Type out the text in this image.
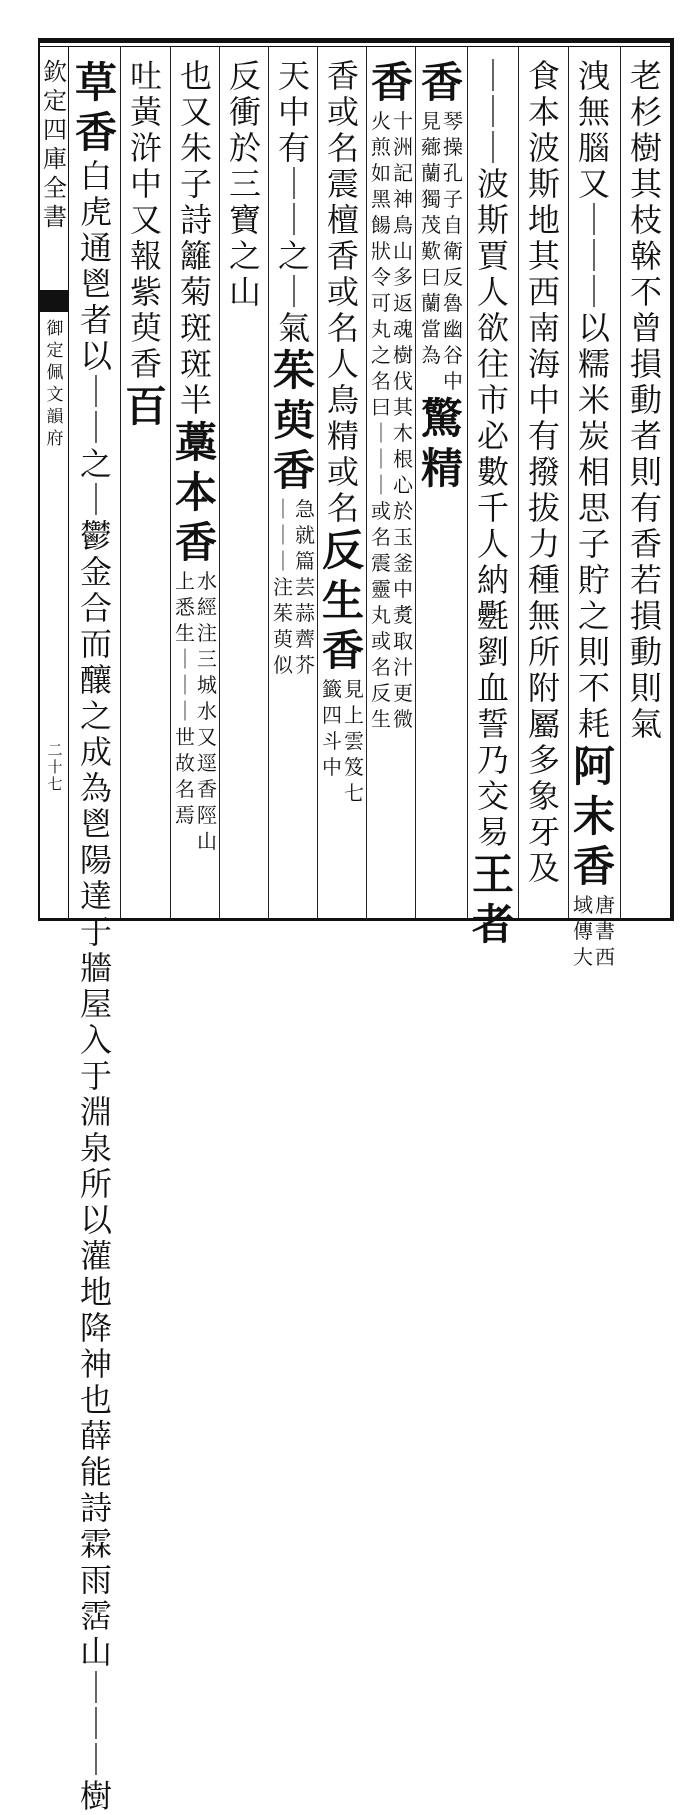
欽
定
四
庫
全
書
御
定
佩
文
韻
府
二
十
七
老
杉
樹
其
枝
榦
不
曾
損
動
者
則
有
香
若
損
動
則
氣
洩
無
腦
又
｜
｜
｜
以
糯
米
炭
相
思
子
貯
之
則
不
耗
阿
末
香
唐
書
西
域
傳
大
食
本
波
斯
地
其
西
南
海
中
有
撥
拔
力
種
無
所
附
屬
多
象
牙
及
｜
｜
｜
波
斯
賈
人
欲
往
市
必
數
千
人
納
氎
劉
血
誓
乃
交
易
王
者
香
琴
操
孔
子
自
衛
反
魯
幽
谷
中
見
薌
蘭
獨
茂
歎
曰
蘭
當
為
驚
精
香
十
洲
記
神
鳥
山
多
返
魂
樹
伐
其
木
根
心
於
玉
釜
中
煑
取
汁
更
微
火
煎
如
黑
餳
狀
令
可
丸
之
名
曰
｜
｜
｜
或
名
震
靈
丸
或
名
反
生
香
或
名
震
檀
香
或
名
人
鳥
精
或
名
反
生
香
見
上
雲
笈
七
籤
四
斗
中
天
中
有
｜
｜
之
｜
氣
茱
萸
香
急
就
篇
芸
蒜
薺
芥
｜
｜
｜
注
茱
萸
似
反
衝
於
三
寶
之
山
也
又
朱
子
詩
籬
菊
斑
斑
半
藁
本
香
水
經
注
三
城
水
又
逕
香
陘
山
上
悉
生
｜
｜
｜
世
故
名
焉
吐
黃
浒
中
又
報
紫
萸
香
百
草
香
白
虎
通
鬯
者
以
｜
｜
之
｜
鬱
金
合
而
釀
之
成
為
鬯
陽
達
于
牆
屋
入
于
淵
泉
所
以
灌
地
降
神
也
薛
能
詩
霖
雨
霑
山
｜
｜
｜
樹
